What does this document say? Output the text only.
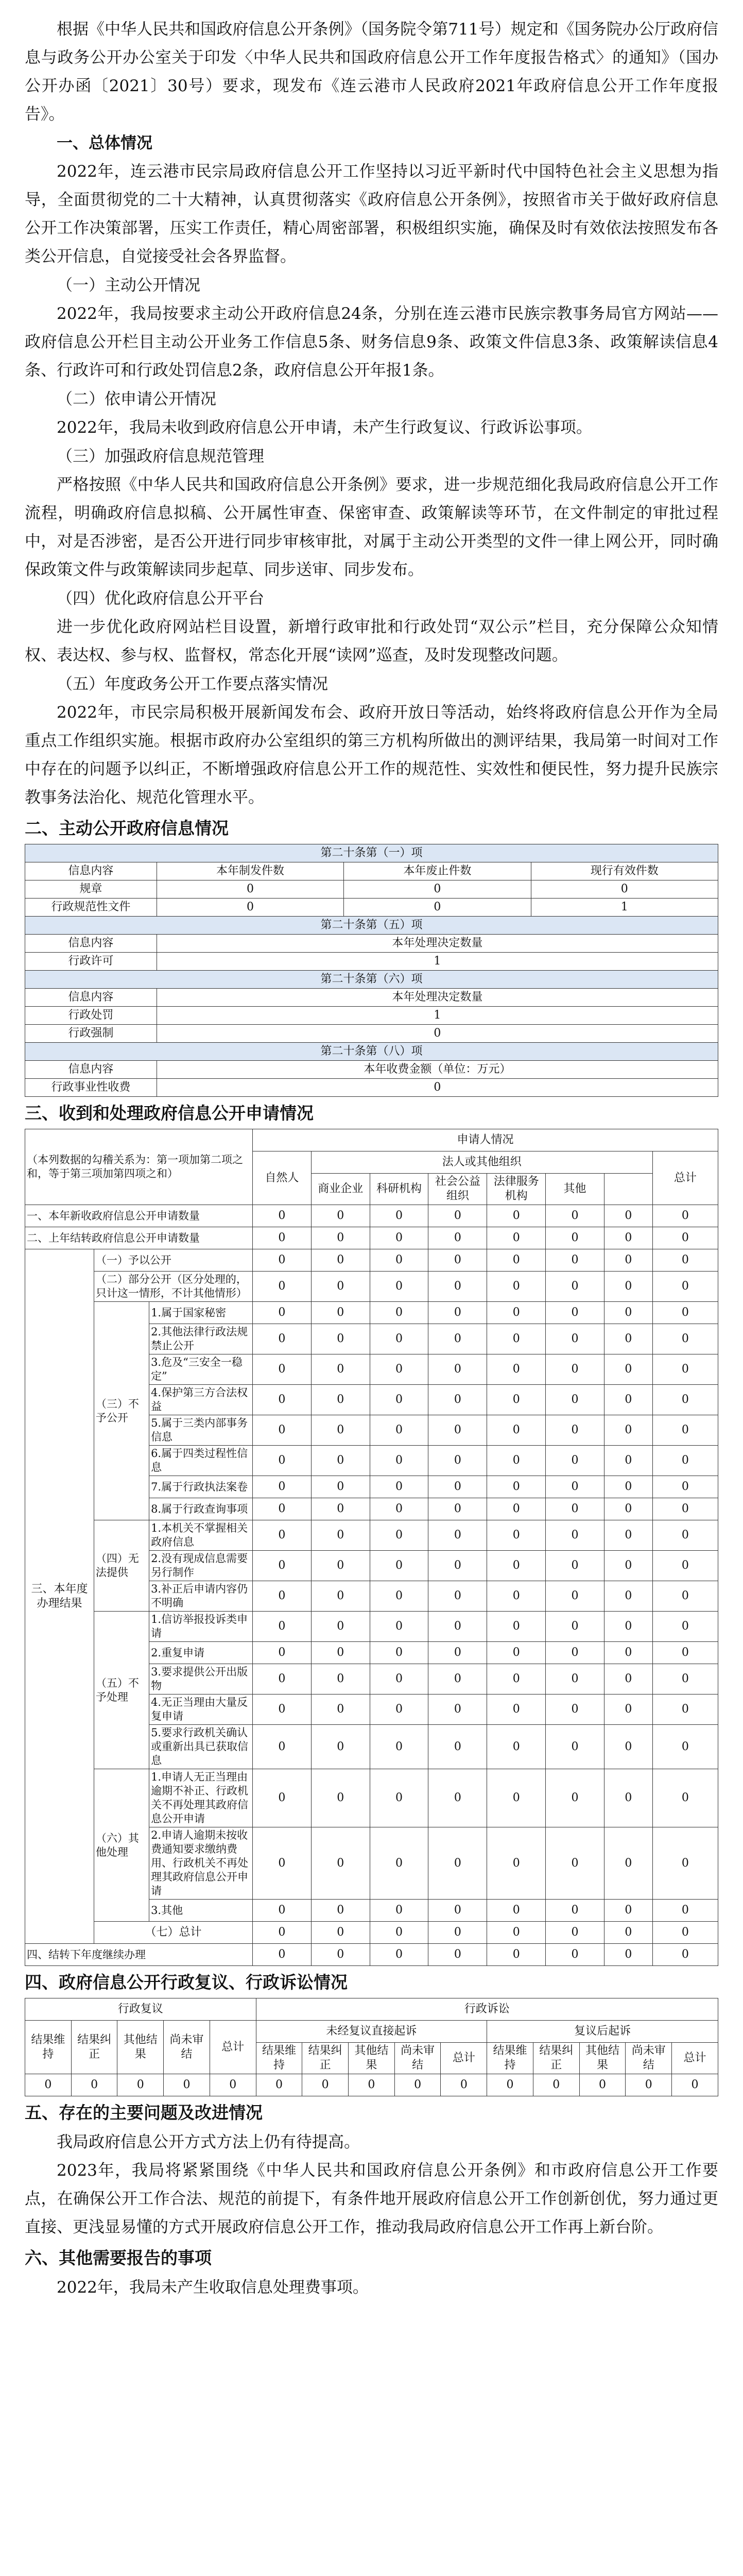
根据《中华人民共和国政府信息公开条例》（国务院令第711号）规定和《国务院办公厅政府信息与政务公开办公室关于印发〈中华人民共和国政府信息公开工作年度报告格式〉的通知》（国办公开办函〔2021〕30号）要求，现发布《连云港市人民政府2021年政府信息公开工作年度报告》。

一、总体情况

2022年，连云港市民宗局政府信息公开工作坚持以习近平新时代中国特色社会主义思想为指导，全面贯彻党的二十大精神，认真贯彻落实《政府信息公开条例》，按照省市关于做好政府信息公开工作决策部署，压实工作责任，精心周密部署，积极组织实施，确保及时有效依法按照发布各类公开信息，自觉接受社会各界监督。

（一）主动公开情况

2022年，我局按要求主动公开政府信息24条，分别在连云港市民族宗教事务局官方网站——政府信息公开栏目主动公开业务工作信息5条、财务信息9条、政策文件信息3条、政策解读信息4条、行政许可和行政处罚信息2条，政府信息公开年报1条。

（二）依申请公开情况

2022年，我局未收到政府信息公开申请，未产生行政复议、行政诉讼事项。

（三）加强政府信息规范管理

严格按照《中华人民共和国政府信息公开条例》要求，进一步规范细化我局政府信息公开工作流程，明确政府信息拟稿、公开属性审查、保密审查、政策解读等环节，在文件制定的审批过程中，对是否涉密，是否公开进行同步审核审批，对属于主动公开类型的文件一律上网公开，同时确保政策文件与政策解读同步起草、同步送审、同步发布。

（四）优化政府信息公开平台

进一步优化政府网站栏目设置，新增行政审批和行政处罚“双公示”栏目，充分保障公众知情权、表达权、参与权、监督权，常态化开展“读网”巡查，及时发现整改问题。

（五）年度政务公开工作要点落实情况

2022年，市民宗局积极开展新闻发布会、政府开放日等活动，始终将政府信息公开作为全局重点工作组织实施。根据市政府办公室组织的第三方机构所做出的测评结果，我局第一时间对工作中存在的问题予以纠正，不断增强政府信息公开工作的规范性、实效性和便民性，努力提升民族宗教事务法治化、规范化管理水平。

二、主动公开政府信息情况
第二十条第（一）项			
信息内容	本年制发件数	本年废止件数	现行有效件数
规章	0	0	0
行政规范性文件	0	0	1
第二十条第（五）项			
信息内容	本年处理决定数量		
行政许可	1		
第二十条第（六）项			
信息内容	本年处理决定数量		
行政处罚	1		
行政强制	0		
第二十条第（八）项			
信息内容	本年收费金额（单位：万元）		
行政事业性收费	0		
三、收到和处理政府信息公开申请情况
（本列数据的勾稽关系为：第一项加第二项之和，等于第三项加第四项之和）			申请人情况							
			自然人	法人或其他组织						总计
				商业企业	科研机构	社会公益组织	法律服务机构	其他		
一、本年新收政府信息公开申请数量			0	0	0	0	0	0	0	0
二、上年结转政府信息公开申请数量			0	0	0	0	0	0	0	0
三、本年度办理结果	（一）予以公开		0	0	0	0	0	0	0	0
	（二）部分公开（区分处理的，只计这一情形，不计其他情形）		0	0	0	0	0	0	0	0
	（三）不予公开	1.属于国家秘密	0	0	0	0	0	0	0	0
		2.其他法律行政法规禁止公开	0	0	0	0	0	0	0	0
		3.危及“三安全一稳定”	0	0	0	0	0	0	0	0
		4.保护第三方合法权益	0	0	0	0	0	0	0	0
		5.属于三类内部事务信息	0	0	0	0	0	0	0	0
		6.属于四类过程性信息	0	0	0	0	0	0	0	0
		7.属于行政执法案卷	0	0	0	0	0	0	0	0
		8.属于行政查询事项	0	0	0	0	0	0	0	0
	（四）无法提供	1.本机关不掌握相关政府信息	0	0	0	0	0	0	0	0
		2.没有现成信息需要另行制作	0	0	0	0	0	0	0	0
		3.补正后申请内容仍不明确	0	0	0	0	0	0	0	0
	（五）不予处理	1.信访举报投诉类申请	0	0	0	0	0	0	0	0
		2.重复申请	0	0	0	0	0	0	0	0
		3.要求提供公开出版物	0	0	0	0	0	0	0	0
		4.无正当理由大量反复申请	0	0	0	0	0	0	0	0
		5.要求行政机关确认或重新出具已获取信息	0	0	0	0	0	0	0	0
	（六）其他处理	1.申请人无正当理由逾期不补正、行政机关不再处理其政府信息公开申请	0	0	0	0	0	0	0	0
		2.申请人逾期未按收费通知要求缴纳费用、行政机关不再处理其政府信息公开申请	0	0	0	0	0	0	0	0
		3.其他	0	0	0	0	0	0	0	0
	（七）总计		0	0	0	0	0	0	0	0
四、结转下年度继续办理			0	0	0	0	0	0	0	0
四、政府信息公开行政复议、行政诉讼情况
行政复议					行政诉讼									
结果维持	结果纠正	其他结果	尚未审结	总计	未经复议直接起诉					复议后起诉				
					结果维持	结果纠正	其他结果	尚未审结	总计	结果维持	结果纠正	其他结果	尚未审结	总计
0	0	0	0	0	0	0	0	0	0	0	0	0	0	0
五、存在的主要问题及改进情况

我局政府信息公开方式方法上仍有待提高。

2023年，我局将紧紧围绕《中华人民共和国政府信息公开条例》和市政府信息公开工作要点，在确保公开工作合法、规范的前提下，有条件地开展政府信息公开工作创新创优，努力通过更直接、更浅显易懂的方式开展政府信息公开工作，推动我局政府信息公开工作再上新台阶。

六、其他需要报告的事项

2022年，我局未产生收取信息处理费事项。
